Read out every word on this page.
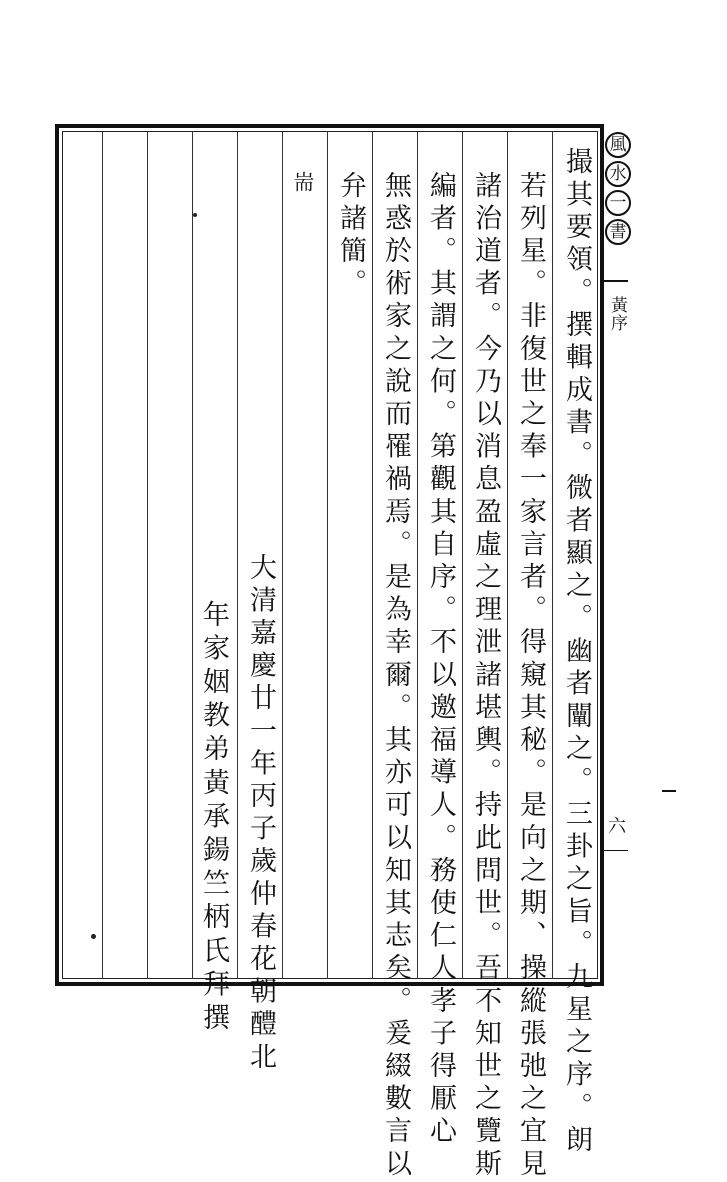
撮其要領。撰輯成書。微者顯之。幽者闡之。三卦之旨。九星之序。朗
若列星。非復世之奉一家言者。得窺其秘。是向之期、操縱張弛之宜見
諸治道者。今乃以消息盈虛之理泄諸堪輿。持此問世。吾不知世之覽斯
編者。其謂之何。第觀其自序。不以邀福導人。務使仁人孝子得厭心
無惑於術家之說而罹禍焉。是為幸爾。其亦可以知其志矣。爰綴數言以
弁諸簡。
耑
大清嘉慶廿一年丙子歲仲春花朝醴北
年家姻教弟黃承鍚竺柄氏拜撰
風
水
一
書
黃序
六
